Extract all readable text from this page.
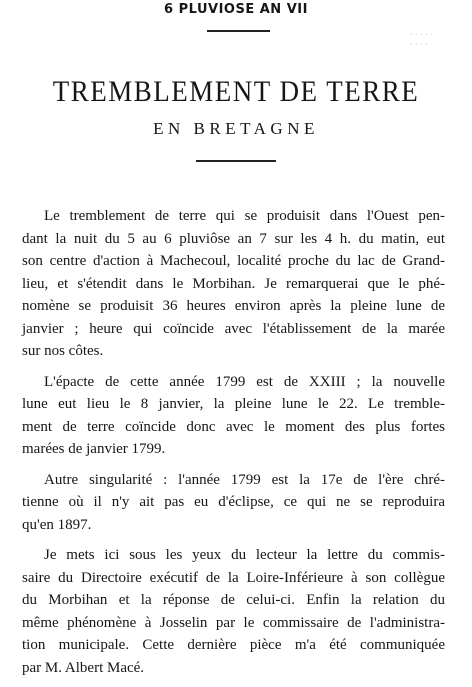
6 PLUVIOSE AN VII
· · · · ·
· · · ·
TREMBLEMENT DE TERRE
EN BRETAGNE

Le tremblement de terre qui se produisit dans l'Ouest pen-
dant la nuit du 5 au 6 pluviôse an 7 sur les 4 h. du matin, eut
son centre d'action à Machecoul, localité proche du lac de Grand-
lieu, et s'étendit dans le Morbihan. Je remarquerai que le phé-
nomène se produisit 36 heures environ après la pleine lune de
janvier ; heure qui coïncide avec l'établissement de la marée
sur nos côtes.

L'épacte de cette année 1799 est de XXIII ; la nouvelle
lune eut lieu le 8 janvier, la pleine lune le 22. Le tremble-
ment de terre coïncide donc avec le moment des plus fortes
marées de janvier 1799.

Autre singularité : l'année 1799 est la 17e de l'ère chré-
tienne où il n'y ait pas eu d'éclipse, ce qui ne se reproduira
qu'en 1897.

Je mets ici sous les yeux du lecteur la lettre du commis-
saire du Directoire exécutif de la Loire-Inférieure à son collègue
du Morbihan et la réponse de celui-ci. Enfin la relation du
même phénomène à Josselin par le commissaire de l'administra-
tion municipale. Cette dernière pièce m'a été communiquée
par M. Albert Macé.
